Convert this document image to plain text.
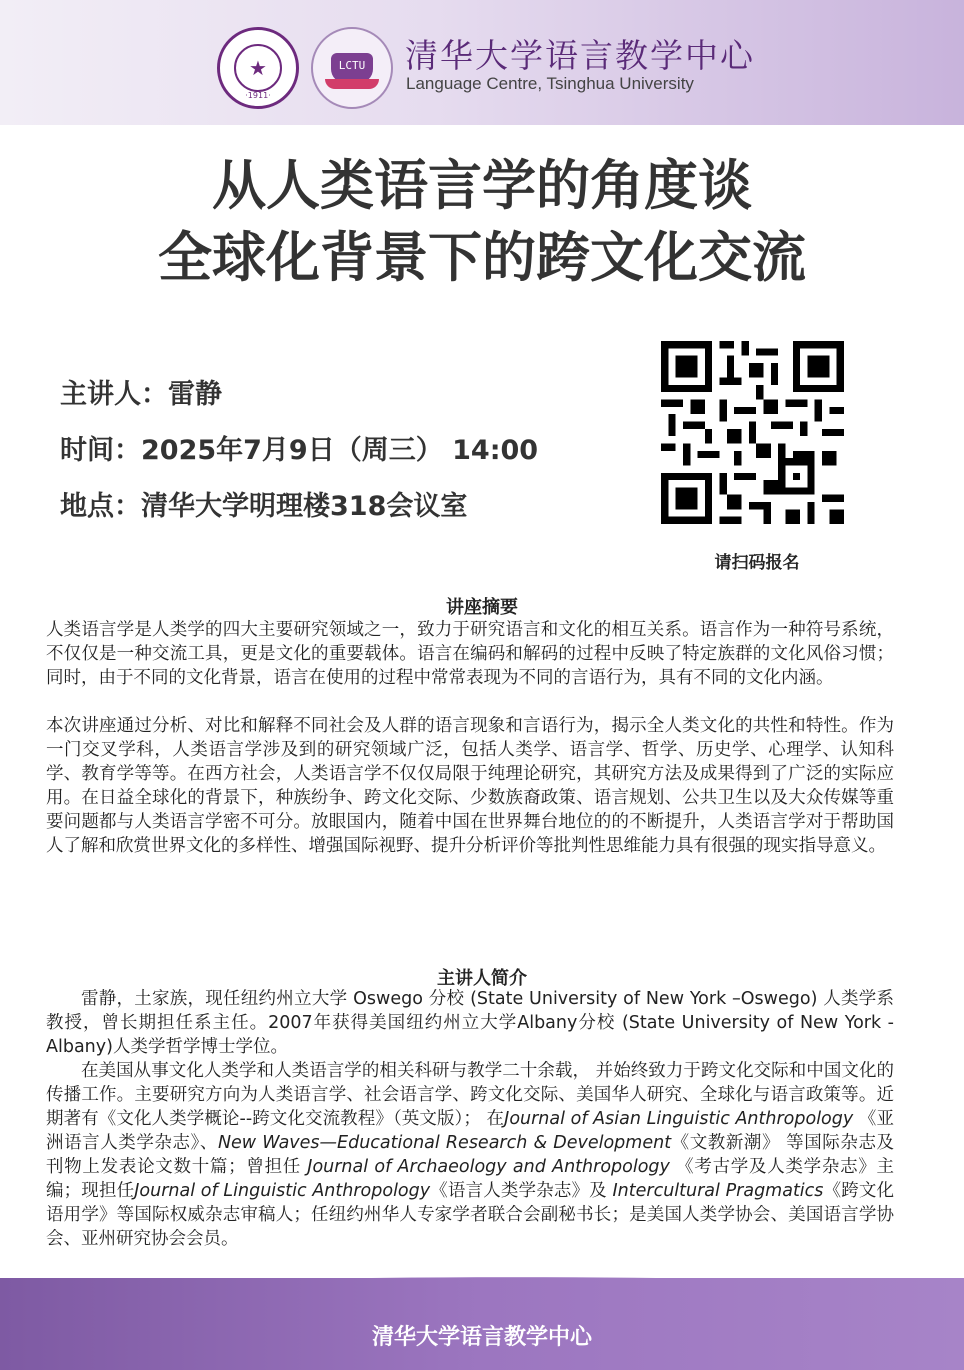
★
·1911·
LCTU 清华大学语言教学中心
Language Centre, Tsinghua University
从人类语言学的角度谈
全球化背景下的跨文化交流
主讲人：雷静
时间：2025年7月9日（周三） 14:00
地点：清华大学明理楼318会议室
请扫码报名
讲座摘要

人类语言学是人类学的四大主要研究领域之一，致力于研究语言和文化的相互关系。语言作为一种符号系统，不仅仅是一种交流工具，更是文化的重要载体。语言在编码和解码的过程中反映了特定族群的文化风俗习惯；同时，由于不同的文化背景，语言在使用的过程中常常表现为不同的言语行为，具有不同的文化内涵。

本次讲座通过分析、对比和解释不同社会及人群的语言现象和言语行为，揭示全人类文化的共性和特性。作为一门交叉学科，人类语言学涉及到的研究领域广泛，包括人类学、语言学、哲学、历史学、心理学、认知科学、教育学等等。在西方社会，人类语言学不仅仅局限于纯理论研究，其研究方法及成果得到了广泛的实际应用。在日益全球化的背景下，种族纷争、跨文化交际、少数族裔政策、语言规划、公共卫生以及大众传媒等重要问题都与人类语言学密不可分。放眼国内，随着中国在世界舞台地位的的不断提升，人类语言学对于帮助国人了解和欣赏世界文化的多样性、增强国际视野、提升分析评价等批判性思维能力具有很强的现实指导意义。

主讲人简介

雷静，土家族，现任纽约州立大学 Oswego 分校 (State University of New York –Oswego) 人类学系教授，曾长期担任系主任。2007年获得美国纽约州立大学Albany分校 (State University of New York - Albany)人类学哲学博士学位。

在美国从事文化人类学和人类语言学的相关科研与教学二十余载， 并始终致力于跨文化交际和中国文化的传播工作。主要研究方向为人类语言学、社会语言学、跨文化交际、美国华人研究、全球化与语言政策等。近期著有《文化人类学概论--跨文化交流教程》（英文版）； 在Journal of Asian Linguistic Anthropology 《亚洲语言人类学杂志》、New Waves—Educational Research & Development《文教新潮》 等国际杂志及刊物上发表论文数十篇；曾担任 Journal of Archaeology and Anthropology 《考古学及人类学杂志》主编；现担任Journal of Linguistic Anthropology《语言人类学杂志》及 Intercultural Pragmatics《跨文化语用学》等国际权威杂志审稿人；任纽约州华人专家学者联合会副秘书长；是美国人类学协会、美国语言学协会、亚州研究协会会员。

清华大学语言教学中心
